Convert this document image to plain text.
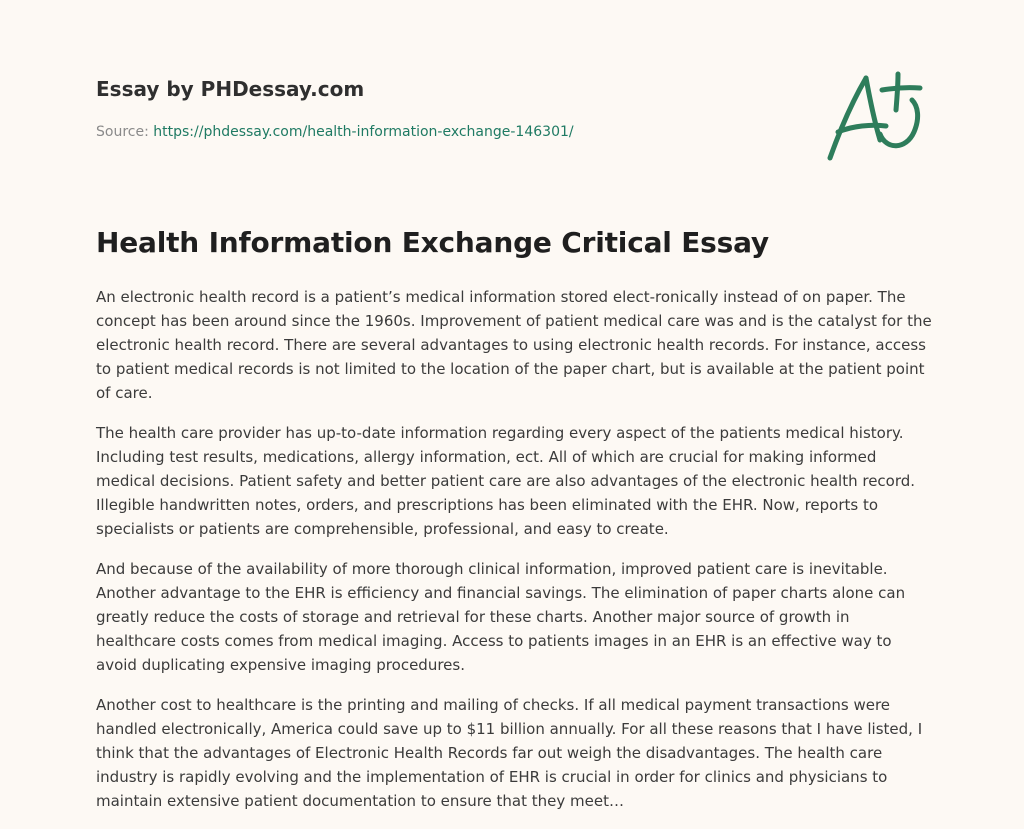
Essay by PHDessay.com
Source: https://phdessay.com/health-information-exchange-146301/
Health Information Exchange Critical Essay

An electronic health record is a patient’s medical information stored elect-ronically instead of on paper. The concept has been around since the 1960s. Improvement of patient medical care was and is the catalyst for the electronic health record. There are several advantages to using electronic health records. For instance, access to patient medical records is not limited to the location of the paper chart, but is available at the patient point of care.

The health care provider has up-to-date information regarding every aspect of the patients medical history. Including test results, medications, allergy information, ect. All of which are crucial for making informed medical decisions. Patient safety and better patient care are also advantages of the electronic health record. Illegible handwritten notes, orders, and prescriptions has been eliminated with the EHR. Now, reports to specialists or patients are comprehensible, professional, and easy to create.

And because of the availability of more thorough clinical information, improved patient care is inevitable. Another advantage to the EHR is efficiency and financial savings. The elimination of paper charts alone can greatly reduce the costs of storage and retrieval for these charts. Another major source of growth in healthcare costs comes from medical imaging. Access to patients images in an EHR is an effective way to avoid duplicating expensive imaging procedures.

Another cost to healthcare is the printing and mailing of checks. If all medical payment transactions were handled electronically, America could save up to $11 billion annually. For all these reasons that I have listed, I think that the advantages of Electronic Health Records far out weigh the disadvantages. The health care industry is rapidly evolving and the implementation of EHR is crucial in order for clinics and physicians to maintain extensive patient documentation to ensure that they meet…
